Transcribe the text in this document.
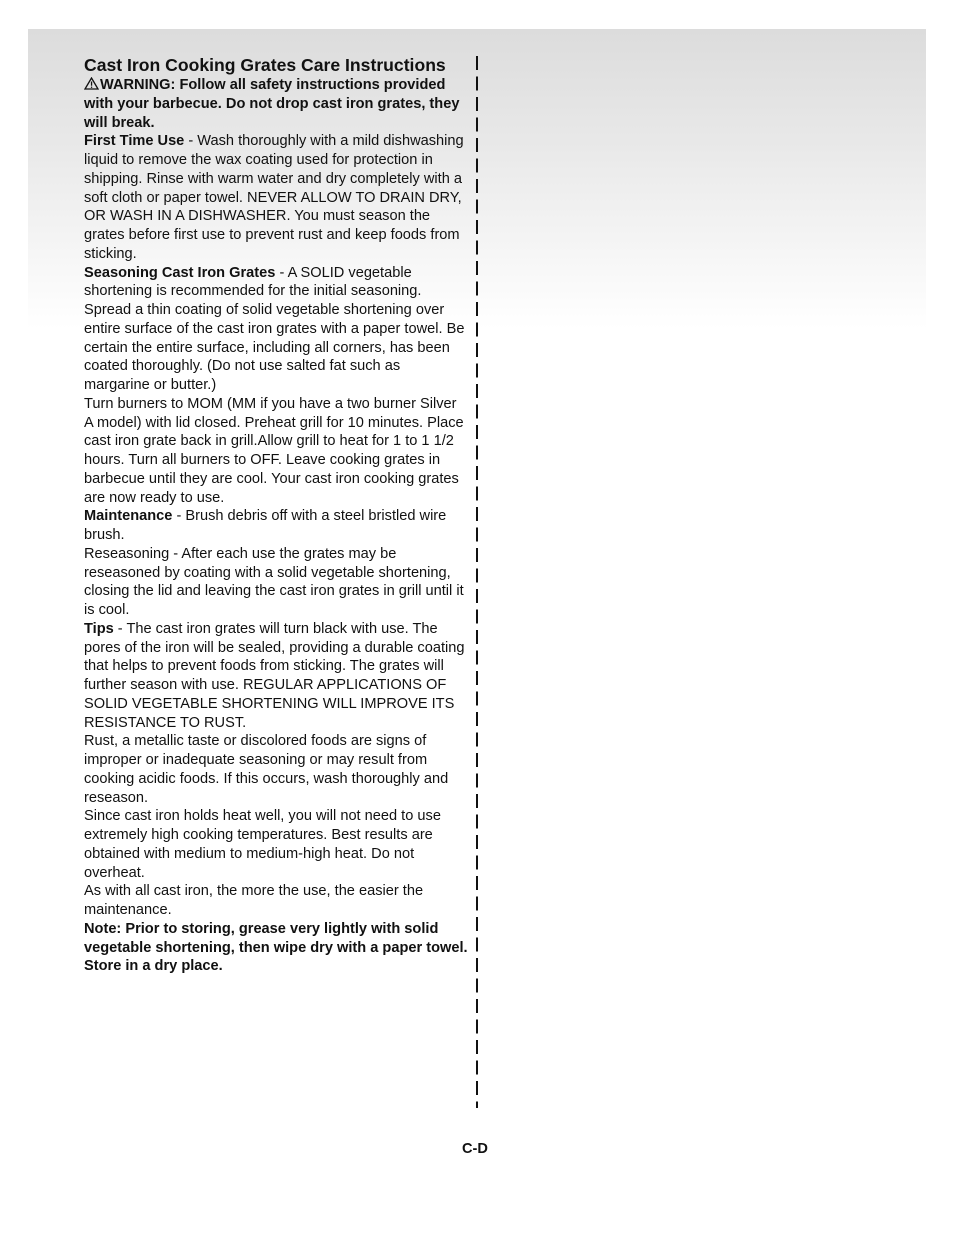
Cast Iron Cooking Grates Care Instructions

WARNING: Follow all safety instructions provided with your barbecue. Do not drop cast iron grates, they will break.

First Time Use - Wash thoroughly with a mild dishwashing liquid to remove the wax coating used for protection in shipping. Rinse with warm water and dry completely with a soft cloth or paper towel. NEVER ALLOW TO DRAIN DRY, OR WASH IN A DISHWASHER. You must season the grates before first use to prevent rust and keep foods from sticking.

Seasoning Cast Iron Grates - A SOLID vegetable shortening is recommended for the initial seasoning. Spread a thin coating of solid vegetable shortening over entire surface of the cast iron grates with a paper towel. Be certain the entire surface, including all corners, has been coated thoroughly. (Do not use salted fat such as margarine or butter.)

Turn burners to MOM (MM if you have a two burner Silver A model) with lid closed. Preheat grill for 10 minutes. Place cast iron grate back in grill.Allow grill to heat for 1 to 1 1/2 hours. Turn all burners to OFF. Leave cooking grates in barbecue until they are cool. Your cast iron cooking grates are now ready to use.

Maintenance - Brush debris off with a steel bristled wire brush.

Reseasoning - After each use the grates may be reseasoned by coating with a solid vegetable shortening, closing the lid and leaving the cast iron grates in grill until it is cool.

Tips - The cast iron grates will turn black with use. The pores of the iron will be sealed, providing a durable coating that helps to prevent foods from sticking. The grates will further season with use. REGULAR APPLICATIONS OF SOLID VEGETABLE SHORTENING WILL IMPROVE ITS RESISTANCE TO RUST.

Rust, a metallic taste or discolored foods are signs of improper or inadequate seasoning or may result from cooking acidic foods. If this occurs, wash thoroughly and reseason.

Since cast iron holds heat well, you will not need to use extremely high cooking temperatures. Best results are obtained with medium to medium-high heat. Do not overheat.

As with all cast iron, the more the use, the easier the maintenance.

Note: Prior to storing, grease very lightly with solid vegetable shortening, then wipe dry with a paper towel. Store in a dry place.

C-D
